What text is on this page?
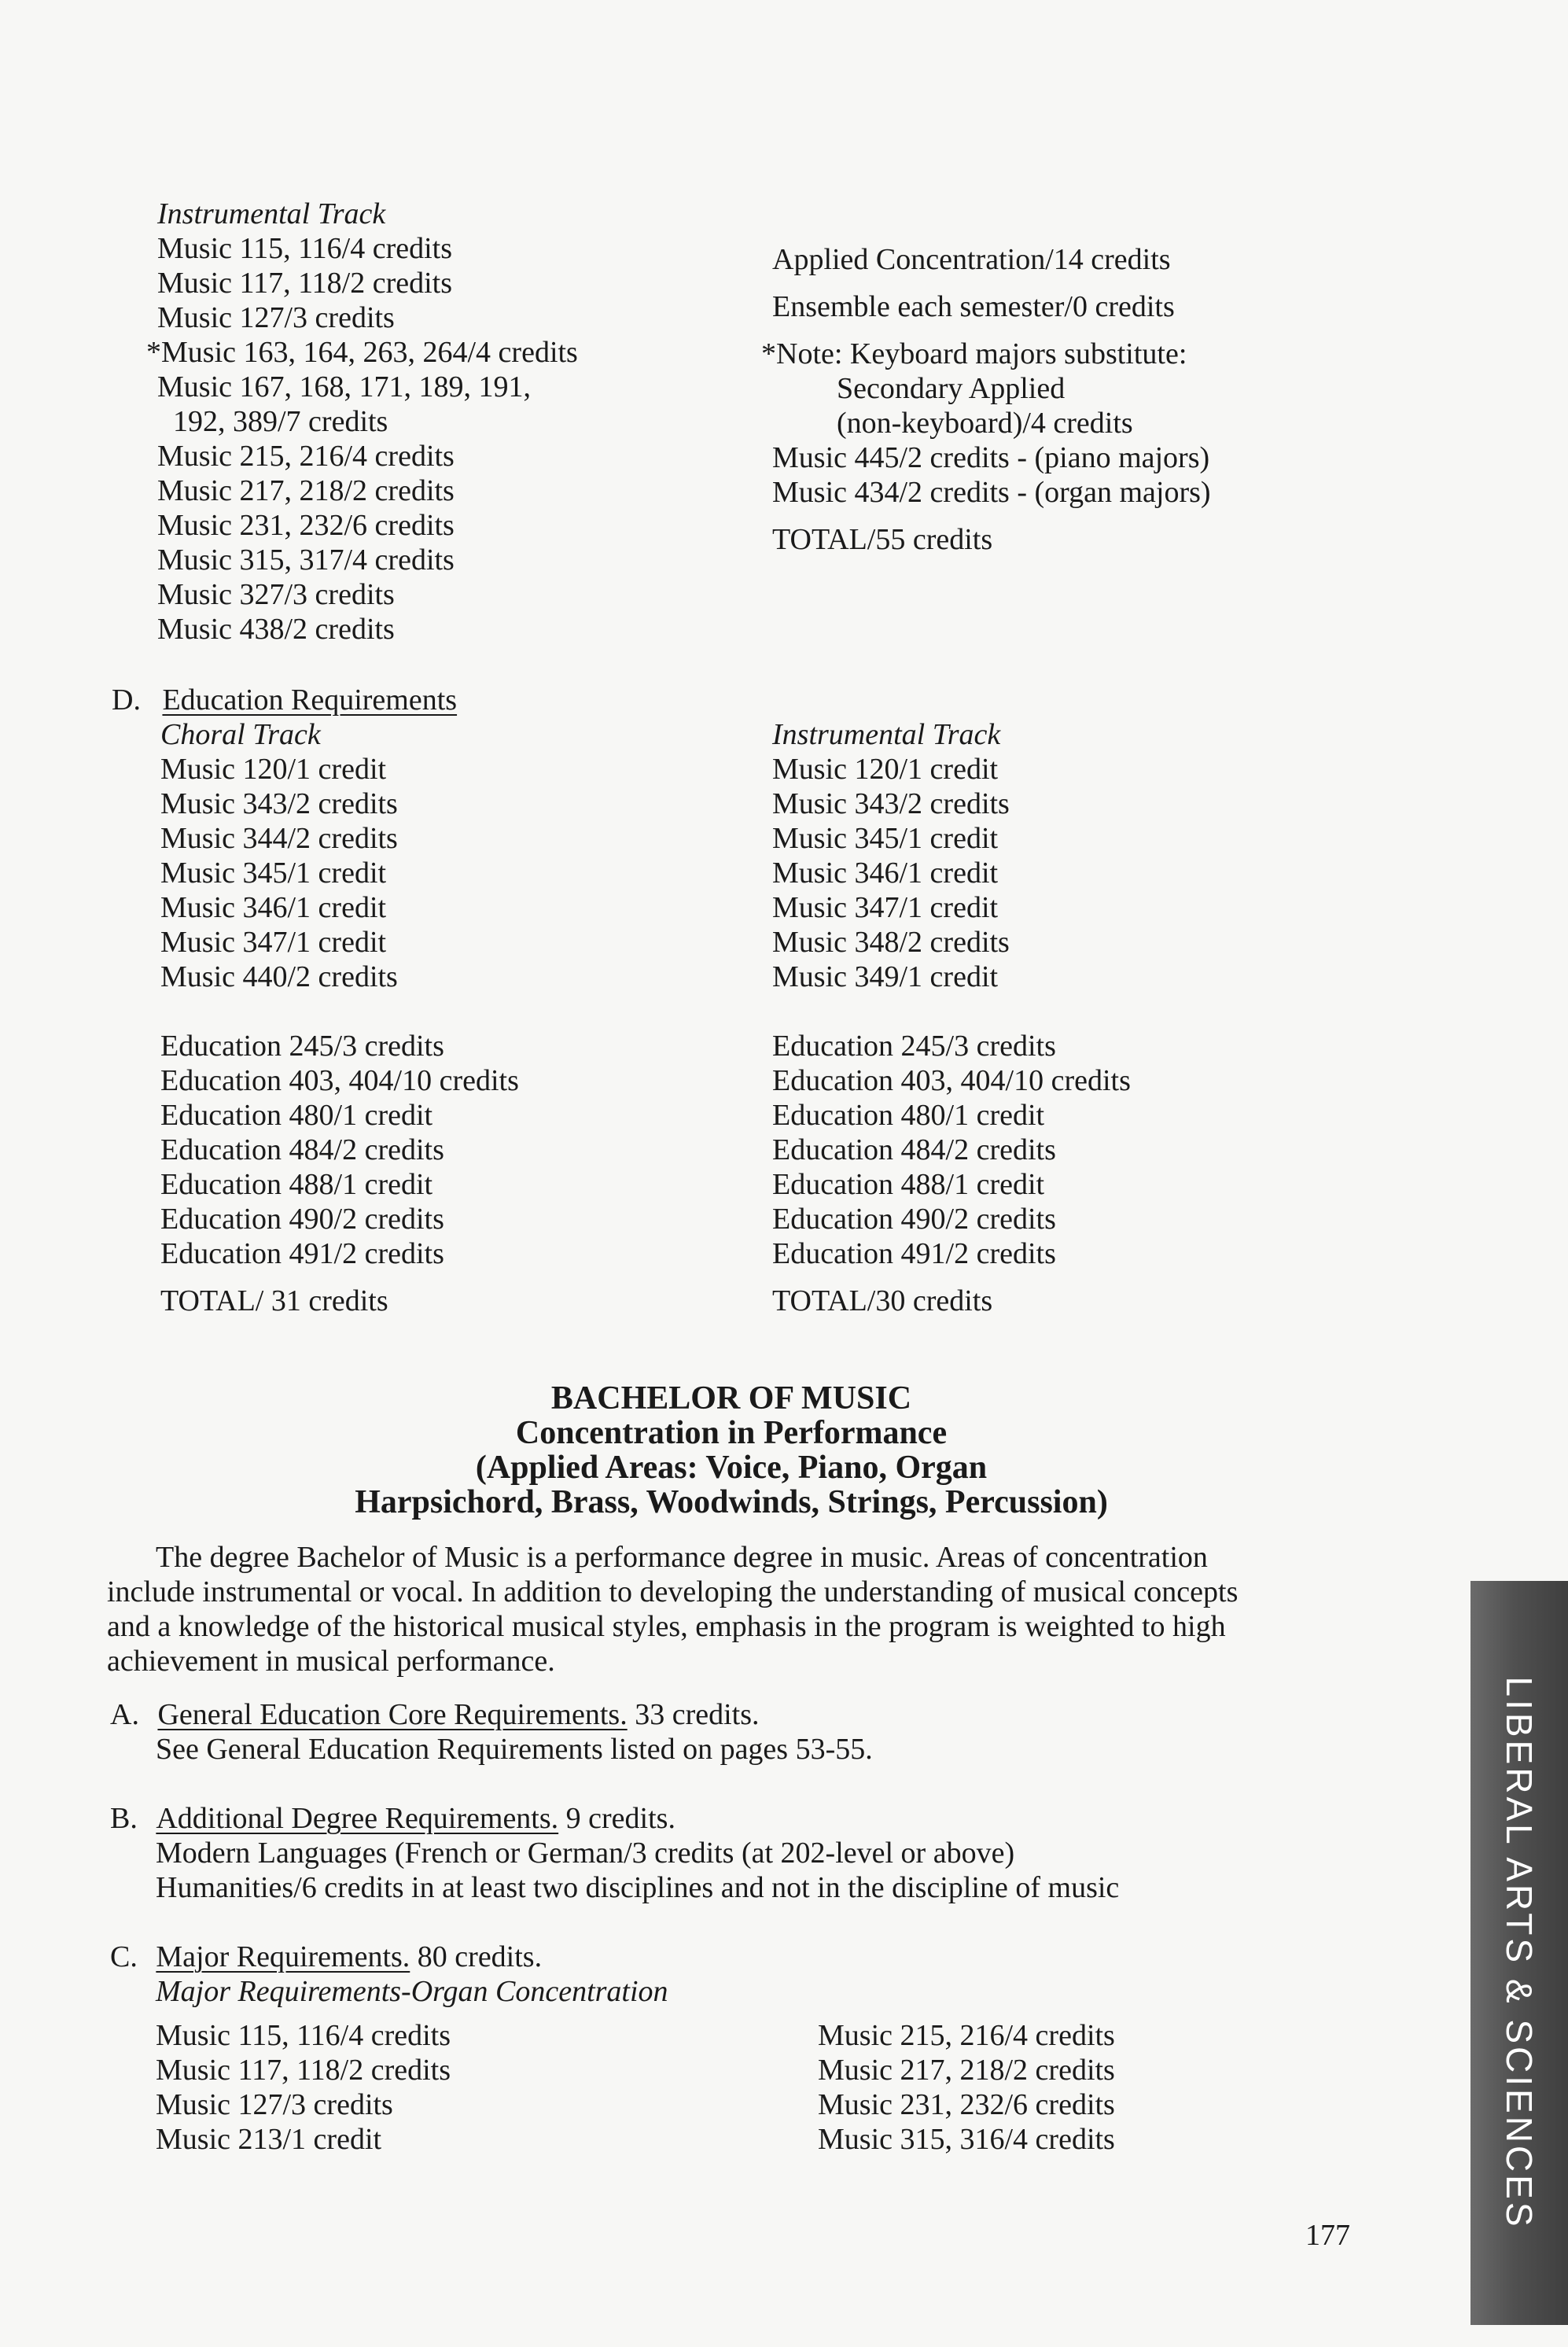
Instrumental Track
Music 115, 116/4 credits
Music 117, 118/2 credits
Music 127/3 credits
*Music 163, 164, 263, 264/4 credits
Music 167, 168, 171, 189, 191,
192, 389/7 credits
Music 215, 216/4 credits
Music 217, 218/2 credits
Music 231, 232/6 credits
Music 315, 317/4 credits
Music 327/3 credits
Music 438/2 credits
Applied Concentration/14 credits
Ensemble each semester/0 credits
*Note: Keyboard majors substitute:
Secondary Applied
(non-keyboard)/4 credits
Music 445/2 credits - (piano majors)
Music 434/2 credits - (organ majors)
TOTAL/55 credits
D. Education Requirements
Choral Track
Music 120/1 credit
Music 343/2 credits
Music 344/2 credits
Music 345/1 credit
Music 346/1 credit
Music 347/1 credit
Music 440/2 credits
Education 245/3 credits
Education 403, 404/10 credits
Education 480/1 credit
Education 484/2 credits
Education 488/1 credit
Education 490/2 credits
Education 491/2 credits
TOTAL/ 31 credits
Instrumental Track
Music 120/1 credit
Music 343/2 credits
Music 345/1 credit
Music 346/1 credit
Music 347/1 credit
Music 348/2 credits
Music 349/1 credit
Education 245/3 credits
Education 403, 404/10 credits
Education 480/1 credit
Education 484/2 credits
Education 488/1 credit
Education 490/2 credits
Education 491/2 credits
TOTAL/30 credits
BACHELOR OF MUSIC
Concentration in Performance
(Applied Areas: Voice, Piano, Organ
Harpsichord, Brass, Woodwinds, Strings, Percussion)
The degree Bachelor of Music is a performance degree in music. Areas of concentration
include instrumental or vocal. In addition to developing the understanding of musical concepts
and a knowledge of the historical musical styles, emphasis in the program is weighted to high
achievement in musical performance.
A. General Education Core Requirements. 33 credits.
See General Education Requirements listed on pages 53-55.
B. Additional Degree Requirements. 9 credits.
Modern Languages (French or German/3 credits (at 202-level or above)
Humanities/6 credits in at least two disciplines and not in the discipline of music
C. Major Requirements. 80 credits.
Major Requirements-Organ Concentration
Music 115, 116/4 credits
Music 117, 118/2 credits
Music 127/3 credits
Music 213/1 credit
Music 215, 216/4 credits
Music 217, 218/2 credits
Music 231, 232/6 credits
Music 315, 316/4 credits
177
LIBERAL ARTS & SCIENCES
